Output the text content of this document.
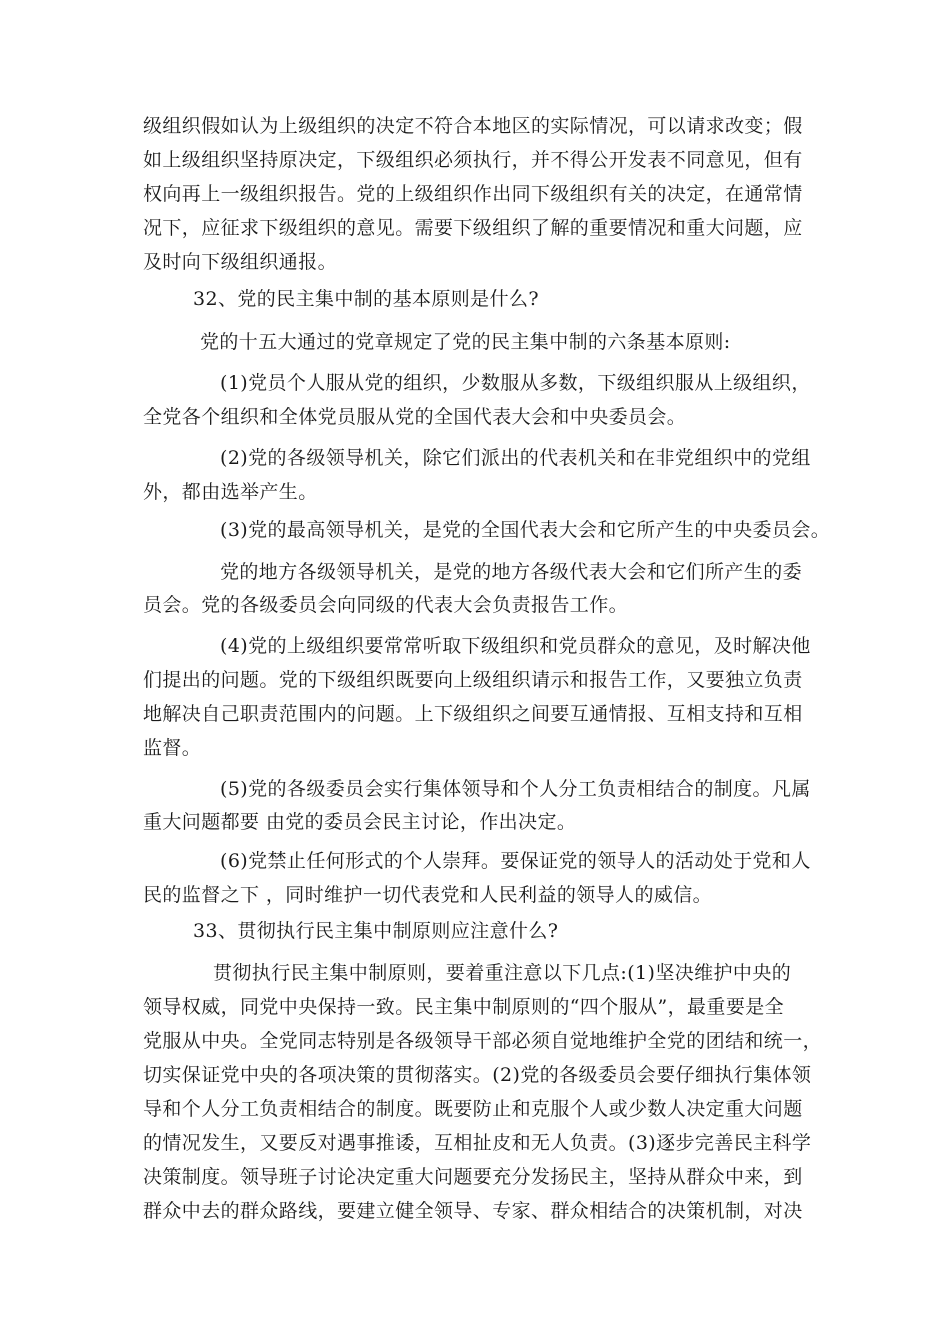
级组织假如认为上级组织的决定不符合本地区的实际情况，可以请求改变；假
如上级组织坚持原决定，下级组织必须执行，并不得公开发表不同意见，但有
权向再上一级组织报告。党的上级组织作出同下级组织有关的决定，在通常情
况下，应征求下级组织的意见。需要下级组织了解的重要情况和重大问题，应
及时向下级组织通报。
32、党的民主集中制的基本原则是什么?
党的十五大通过的党章规定了党的民主集中制的六条基本原则:
(1)党员个人服从党的组织，少数服从多数，下级组织服从上级组织，
全党各个组织和全体党员服从党的全国代表大会和中央委员会。
(2)党的各级领导机关，除它们派出的代表机关和在非党组织中的党组
外，都由选举产生。
(3)党的最高领导机关，是党的全国代表大会和它所产生的中央委员会。
党的地方各级领导机关，是党的地方各级代表大会和它们所产生的委
员会。党的各级委员会向同级的代表大会负责报告工作。
(4)党的上级组织要常常听取下级组织和党员群众的意见，及时解决他
们提出的问题。党的下级组织既要向上级组织请示和报告工作，又要独立负责
地解决自己职责范围内的问题。上下级组织之间要互通情报、互相支持和互相
监督。
(5)党的各级委员会实行集体领导和个人分工负责相结合的制度。凡属
重大问题都要 由党的委员会民主讨论，作出决定。
(6)党禁止任何形式的个人崇拜。要保证党的领导人的活动处于党和人
民的监督之下 ，同时维护一切代表党和人民利益的领导人的威信。
33、贯彻执行民主集中制原则应注意什么?
贯彻执行民主集中制原则，要着重注意以下几点:(1)坚决维护中央的
领导权威，同党中央保持一致。民主集中制原则的“四个服从”，最重要是全
党服从中央。全党同志特别是各级领导干部必须自觉地维护全党的团结和统一，
切实保证党中央的各项决策的贯彻落实。(2)党的各级委员会要仔细执行集体领
导和个人分工负责相结合的制度。既要防止和克服个人或少数人决定重大问题
的情况发生，又要反对遇事推诿，互相扯皮和无人负责。(3)逐步完善民主科学
决策制度。领导班子讨论决定重大问题要充分发扬民主，坚持从群众中来，到
群众中去的群众路线，要建立健全领导、专家、群众相结合的决策机制，对决
